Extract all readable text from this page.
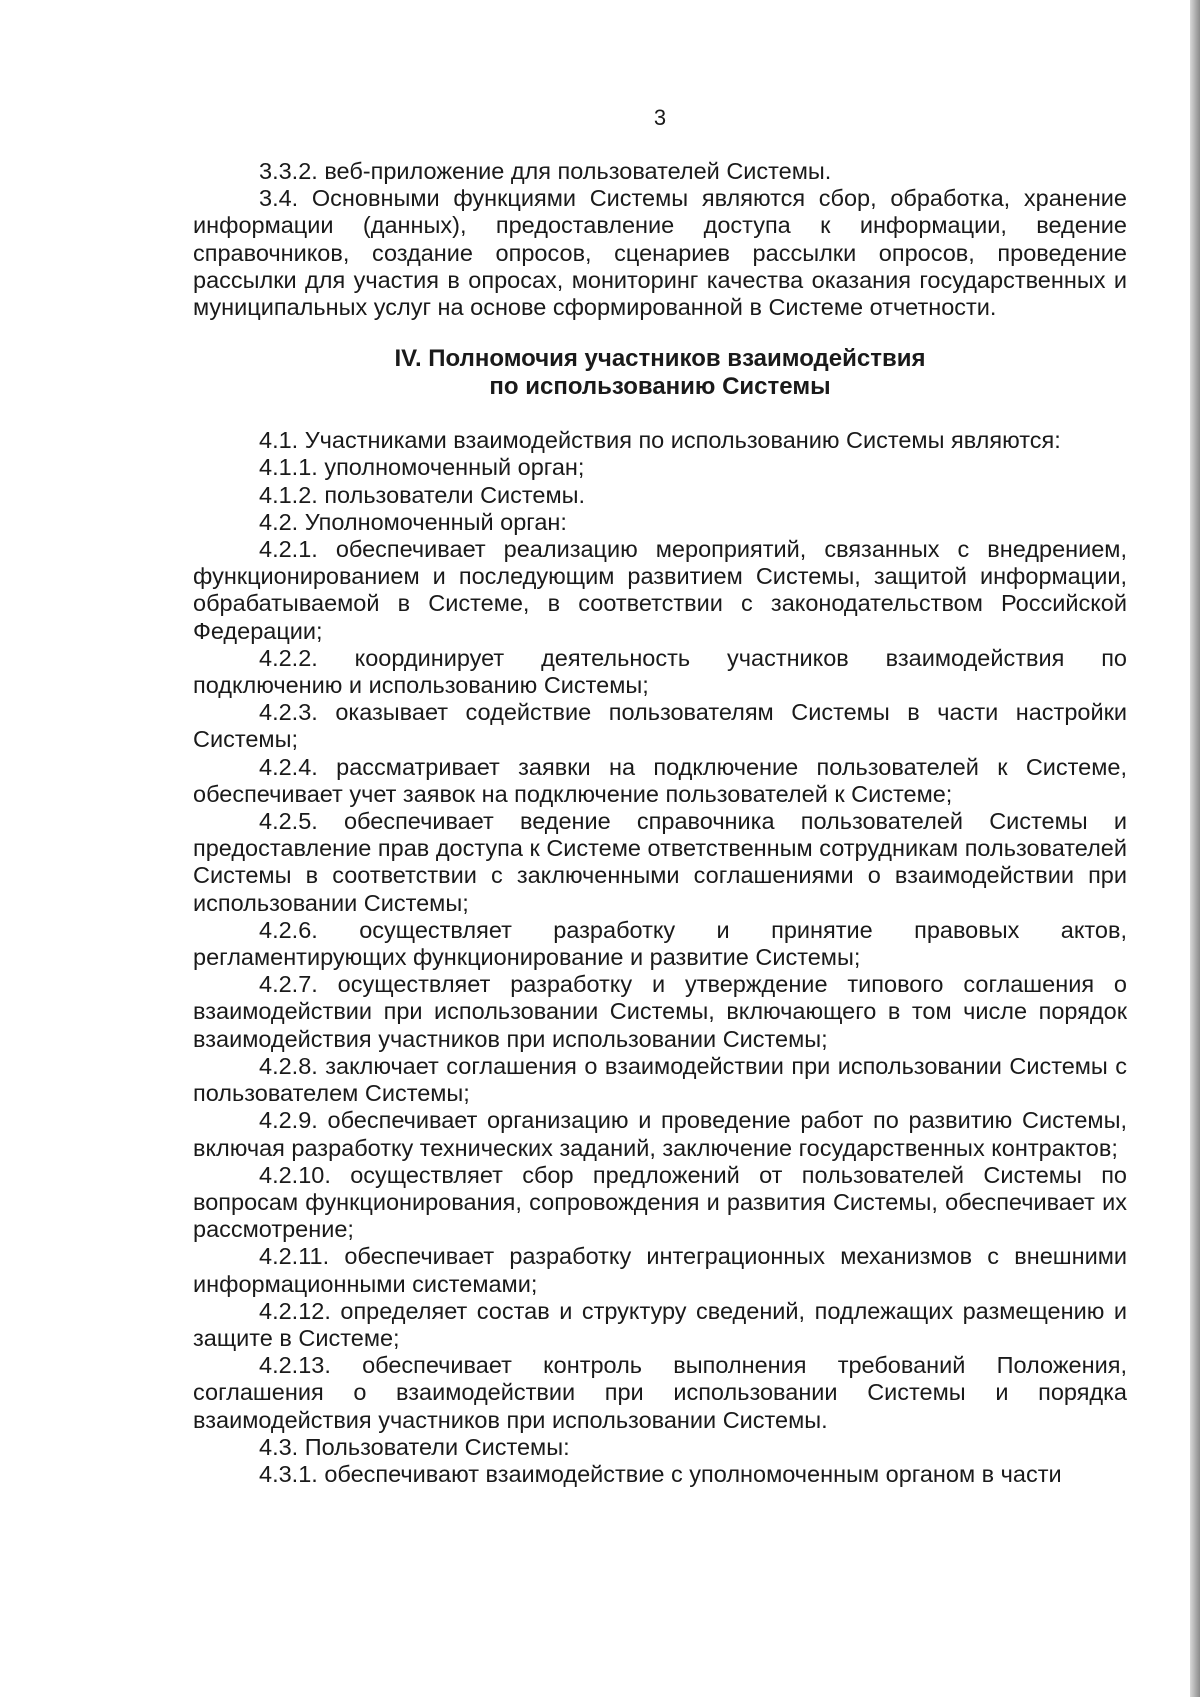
3

3.3.2. веб-приложение для пользователей Системы.

3.4. Основными функциями Системы являются сбор, обработка, хранение информации (данных), предоставление доступа к информации, ведение справочников, создание опросов, сценариев рассылки опросов, проведение рассылки для участия в опросах, мониторинг качества оказания государственных и муниципальных услуг на основе сформированной в Системе отчетности.

IV. Полномочия участников взаимодействия
по использованию Системы

4.1. Участниками взаимодействия по использованию Системы являются:

4.1.1. уполномоченный орган;

4.1.2. пользователи Системы.

4.2. Уполномоченный орган:

4.2.1. обеспечивает реализацию мероприятий, связанных с внедрением, функционированием и последующим развитием Системы, защитой информации, обрабатываемой в Системе, в соответствии с законодательством Российской Федерации;

4.2.2. координирует деятельность участников взаимодействия по подключению и использованию Системы;

4.2.3. оказывает содействие пользователям Системы в части настройки Системы;

4.2.4. рассматривает заявки на подключение пользователей к Системе, обеспечивает учет заявок на подключение пользователей к Системе;

4.2.5. обеспечивает ведение справочника пользователей Системы и предоставление прав доступа к Системе ответственным сотрудникам пользователей Системы в соответствии с заключенными соглашениями о взаимодействии при использовании Системы;

4.2.6. осуществляет разработку и принятие правовых актов, регламентирующих функционирование и развитие Системы;

4.2.7. осуществляет разработку и утверждение типового соглашения о взаимодействии при использовании Системы, включающего в том числе порядок взаимодействия участников при использовании Системы;

4.2.8. заключает соглашения о взаимодействии при использовании Системы с пользователем Системы;

4.2.9. обеспечивает организацию и проведение работ по развитию Системы, включая разработку технических заданий, заключение государственных контрактов;

4.2.10. осуществляет сбор предложений от пользователей Системы по вопросам функционирования, сопровождения и развития Системы, обеспечивает их рассмотрение;

4.2.11. обеспечивает разработку интеграционных механизмов с внешними информационными системами;

4.2.12. определяет состав и структуру сведений, подлежащих размещению и защите в Системе;

4.2.13. обеспечивает контроль выполнения требований Положения, соглашения о взаимодействии при использовании Системы и порядка взаимодействия участников при использовании Системы.

4.3. Пользователи Системы:

4.3.1. обеспечивают взаимодействие с уполномоченным органом в части
